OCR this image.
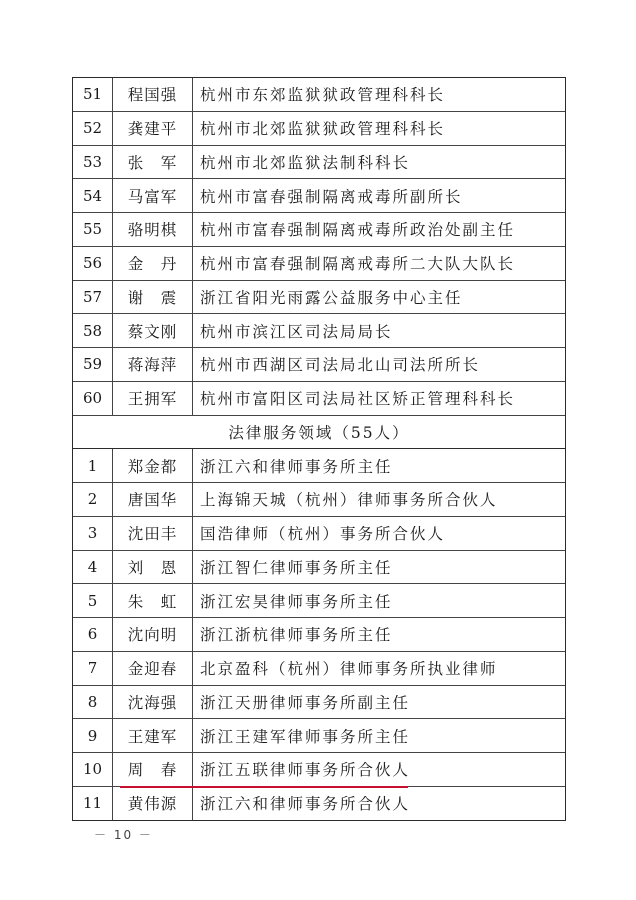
51	程国强	杭州市东郊监狱狱政管理科科长
52	龚建平	杭州市北郊监狱狱政管理科科长
53	张　军	杭州市北郊监狱法制科科长
54	马富军	杭州市富春强制隔离戒毒所副所长
55	骆明棋	杭州市富春强制隔离戒毒所政治处副主任
56	金　丹	杭州市富春强制隔离戒毒所二大队大队长
57	谢　震	浙江省阳光雨露公益服务中心主任
58	蔡文刚	杭州市滨江区司法局局长
59	蒋海萍	杭州市西湖区司法局北山司法所所长
60	王拥军	杭州市富阳区司法局社区矫正管理科科长
法律服务领域（55人）
1	郑金都	浙江六和律师事务所主任
2	唐国华	上海锦天城（杭州）律师事务所合伙人
3	沈田丰	国浩律师（杭州）事务所合伙人
4	刘　恩	浙江智仁律师事务所主任
5	朱　虹	浙江宏昊律师事务所主任
6	沈向明	浙江浙杭律师事务所主任
7	金迎春	北京盈科（杭州）律师事务所执业律师
8	沈海强	浙江天册律师事务所副主任
9	王建军	浙江王建军律师事务所主任
10	周　春	浙江五联律师事务所合伙人
11	黄伟源	浙江六和律师事务所合伙人
－ 10 －
